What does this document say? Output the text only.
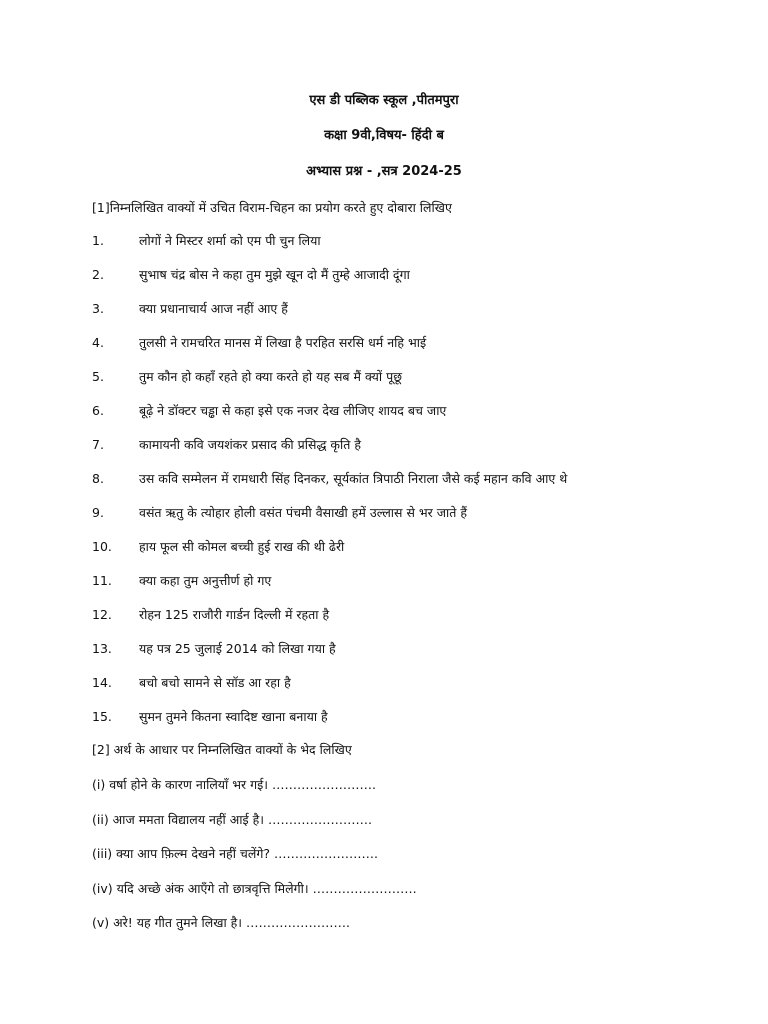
एस डी पब्लिक स्कूल ,पीतमपुरा
कक्षा 9वी,विषय- हिंदी ब
अभ्यास प्रश्न - ,सत्र 2024-25
[1]निम्नलिखित वाक्यों में उचित विराम-चिहन का प्रयोग करते हुए दोबारा लिखिए
1.	लोगों ने मिस्टर शर्मा को एम पी चुन लिया
2.	सुभाष चंद्र बोस ने कहा तुम मुझे खून दो मैं तुम्हे आजादी दूंगा
3.	क्या प्रधानाचार्य आज नहीं आए हैं
4.	तुलसी ने रामचरित मानस में लिखा है परहित सरसि धर्म नहि भाई
5.	तुम कौन हो कहाँ रहते हो क्या करते हो यह सब मैं क्यों पूछू
6.	बूढ़े ने डॉक्टर चड्ढा से कहा इसे एक नजर देख लीजिए शायद बच जाए
7.	कामायनी कवि जयशंकर प्रसाद की प्रसिद्ध कृति है
8.	उस कवि सम्मेलन में रामधारी सिंह दिनकर, सूर्यकांत त्रिपाठी निराला जैसे कई महान कवि आए थे
9.	वसंत ऋतु के त्योहार होली वसंत पंचमी वैसाखी हमें उल्लास से भर जाते हैं
10. हाय फूल सी कोमल बच्ची हुई राख की थी ढेरी
11. क्या कहा तुम अनुत्तीर्ण हो गए
12. रोहन 125 राजौरी गार्डन दिल्ली में रहता है
13. यह पत्र 25 जुलाई 2014 को लिखा गया है
14. बचो बचो सामने से सॉड आ रहा है
15. सुमन तुमने कितना स्वादिष्ट खाना बनाया है
[2] अर्थ के आधार पर निम्नलिखित वाक्यों के भेद लिखिए
(i) वर्षा होने के कारण नालियाँ भर गई। …………………….
(ii) आज ममता विद्यालय नहीं आई है। …………………….
(iii) क्या आप फ़िल्म देखने नहीं चलेंगे? …………………….
(iv) यदि अच्छे अंक आएँगे तो छात्रवृत्ति मिलेगी। …………………….
(v) अरे! यह गीत तुमने लिखा है। …………………….
